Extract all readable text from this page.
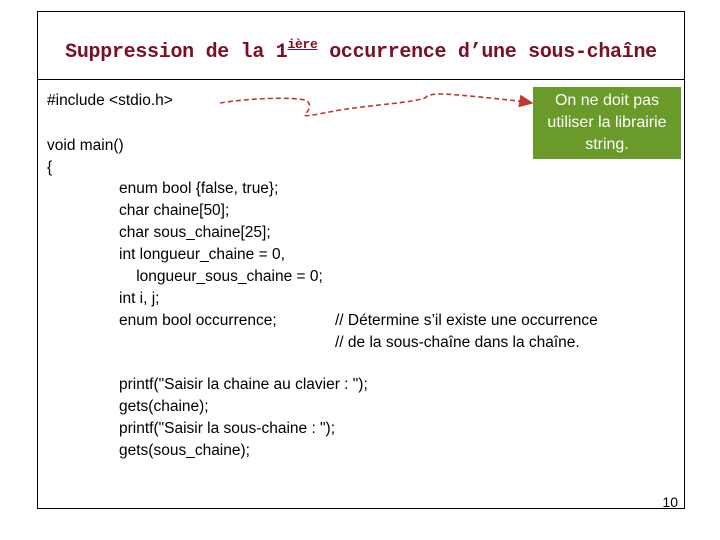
Suppression de la $1^{ière}$ occurrence d’une sous-chaîne
#include <stdio.h>
void main()
{
enum bool {false, true};
char chaine[50];
char sous_chaine[25];
int longueur_chaine = 0,
longueur_sous_chaine = 0;
int i, j;
enum bool occurrence;	// Détermine s’il existe une occurrence
// de la sous-chaîne dans la chaîne.
printf("Saisir la chaine au clavier : ");
gets(chaine);
printf("Saisir la sous-chaine : ");
gets(sous_chaine);
On ne doit pas utiliser la librairie string.
10
